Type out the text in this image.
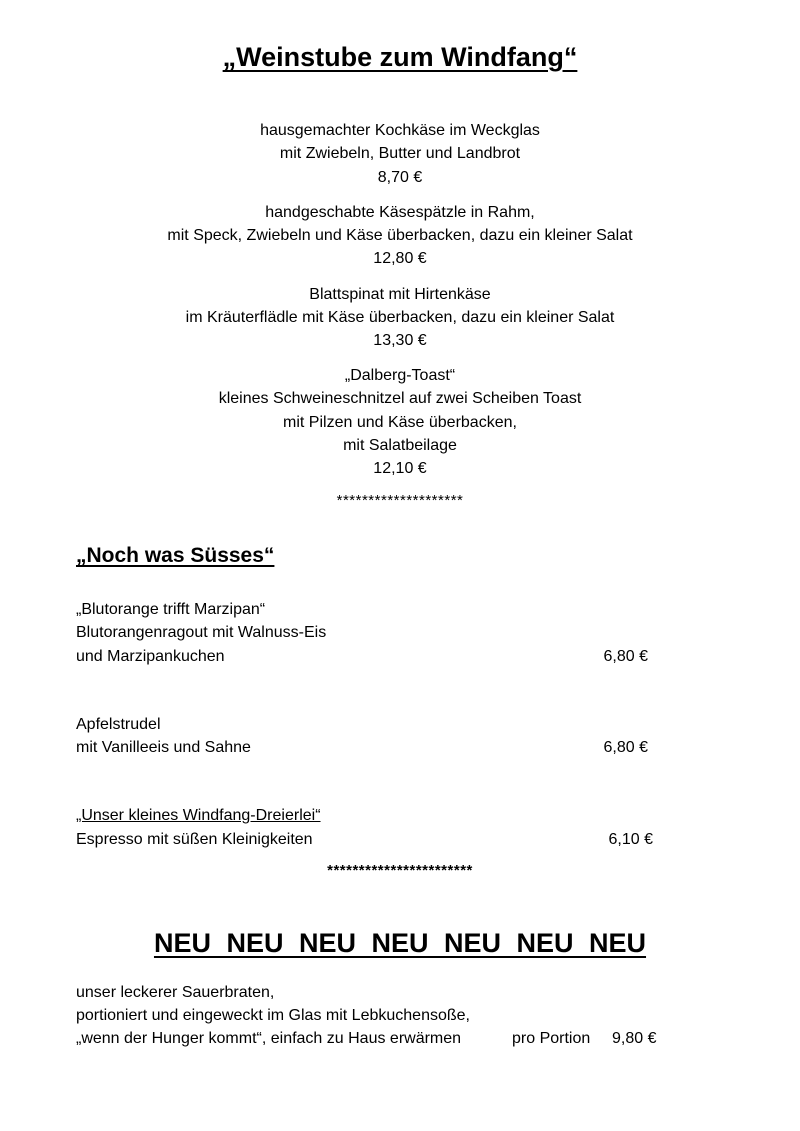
„Weinstube zum Windfang“

hausgemachter Kochkäse im Weckglas

mit Zwiebeln, Butter und Landbrot

8,70 €

handgeschabte Käsespätzle in Rahm,

mit Speck, Zwiebeln und Käse überbacken, dazu ein kleiner Salat

12,80 €

Blattspinat mit Hirtenkäse

im Kräuterflädle mit Käse überbacken, dazu ein kleiner Salat

13,30 €

„Dalberg-Toast“

kleines Schweineschnitzel auf zwei Scheiben Toast

mit Pilzen und Käse überbacken,

mit Salatbeilage

12,10 €

********************

„Noch was Süsses“

„Blutorange trifft Marzipan“

Blutorangenragout mit Walnuss-Eis

und Marzipankuchen	6,80 €

Apfelstrudel

mit Vanilleeis und Sahne	6,80 €

„Unser kleines Windfang-Dreierlei“

Espresso mit süßen Kleinigkeiten	6,10 €

***********************

NEU NEU NEU NEU NEU NEU NEU

unser leckerer Sauerbraten,

portioniert und eingeweckt im Glas mit Lebkuchensoße,

„wenn der Hunger kommt“, einfach zu Haus erwärmen	pro Portion 9,80 €
